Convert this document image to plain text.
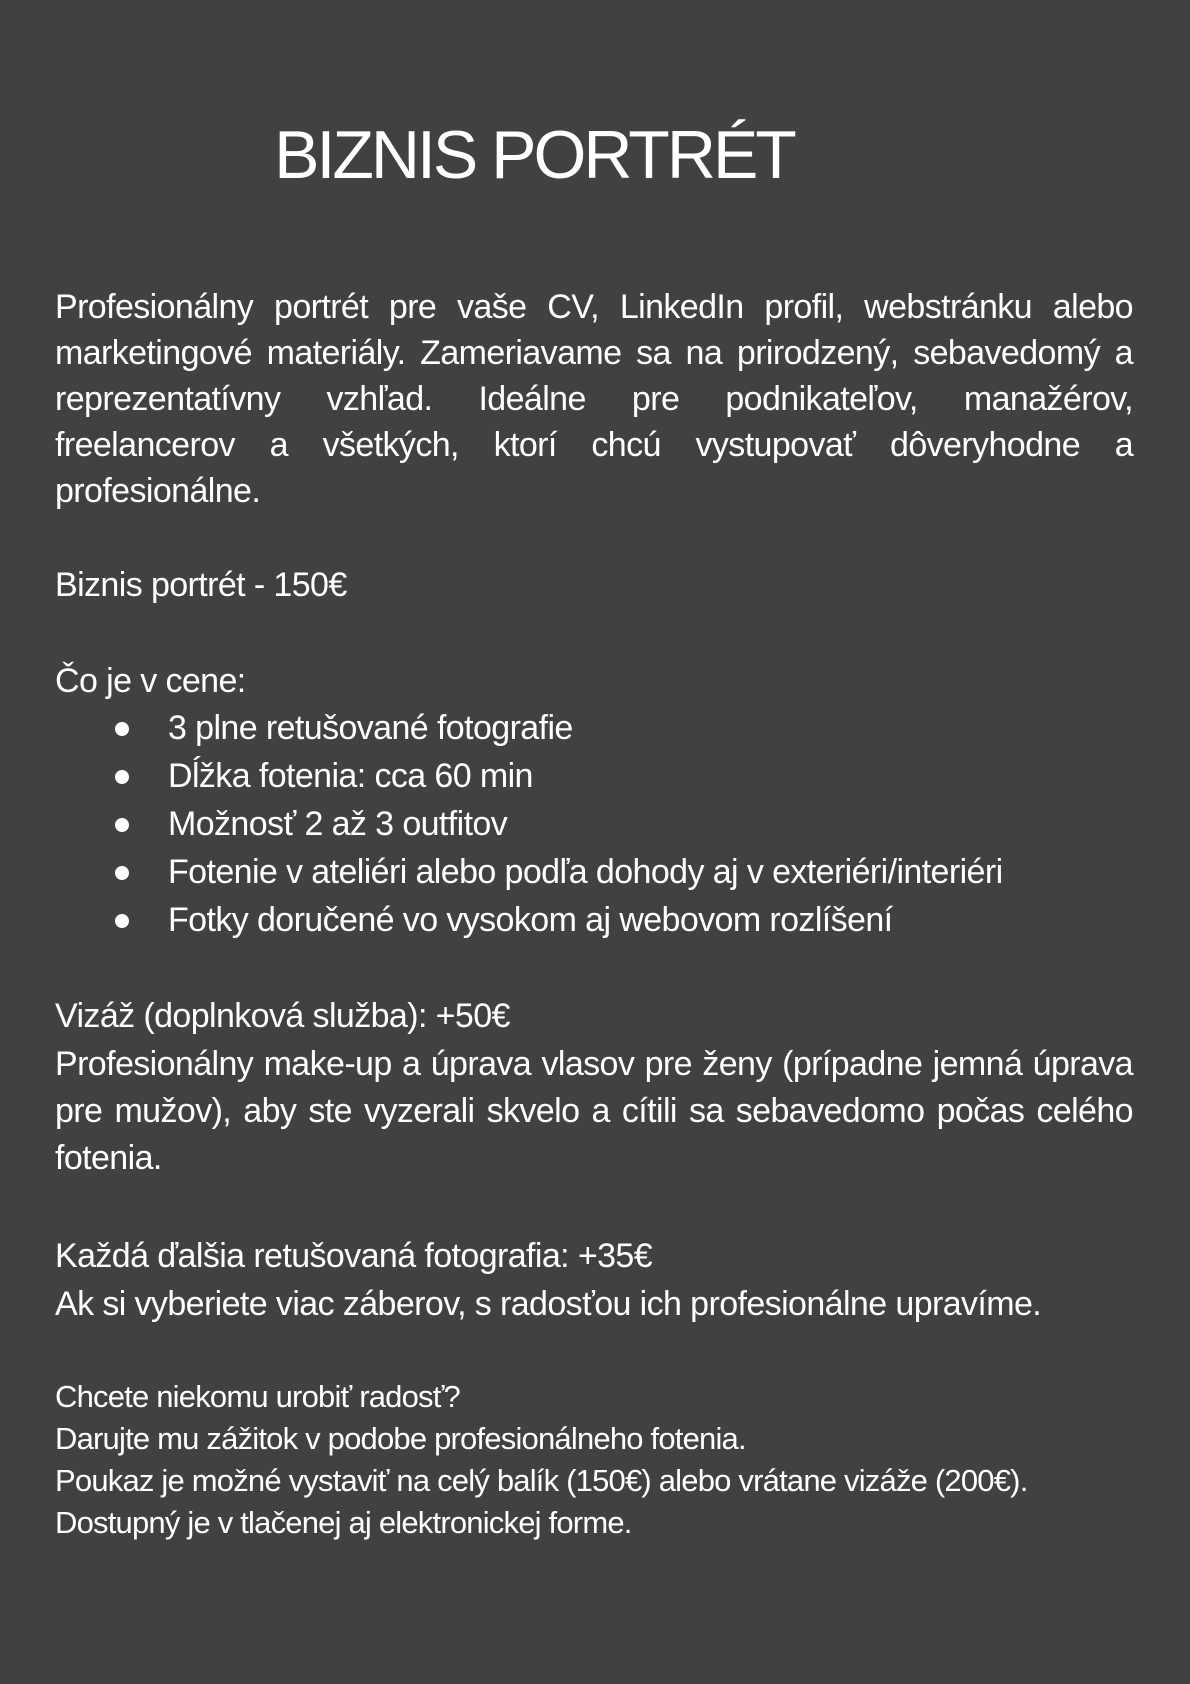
BIZNIS PORTRÉT

Profesionálny portrét pre vaše CV, LinkedIn profil, webstránku alebo marketingové materiály. Zameriavame sa na prirodzený, sebavedomý a reprezentatívny vzhľad. Ideálne pre podnikateľov, manažérov, freelancerov a všetkých, ktorí chcú vystupovať dôveryhodne a profesionálne.

Biznis portrét - 150€

Čo je v cene:

3 plne retušované fotografie
Dĺžka fotenia: cca 60 min
Možnosť 2 až 3 outfitov
Fotenie v ateliéri alebo podľa dohody aj v exteriéri/interiéri
Fotky doručené vo vysokom aj webovom rozlíšení

Vizáž (doplnková služba): +50€

Profesionálny make-up a úprava vlasov pre ženy (prípadne jemná úprava pre mužov), aby ste vyzerali skvelo a cítili sa sebavedomo počas celého fotenia.

Každá ďalšia retušovaná fotografia: +35€

Ak si vyberiete viac záberov, s radosťou ich profesionálne upravíme.

Chcete niekomu urobiť radosť?
Darujte mu zážitok v podobe profesionálneho fotenia.
Poukaz je možné vystaviť na celý balík (150€) alebo vrátane vizáže (200€).
Dostupný je v tlačenej aj elektronickej forme.
